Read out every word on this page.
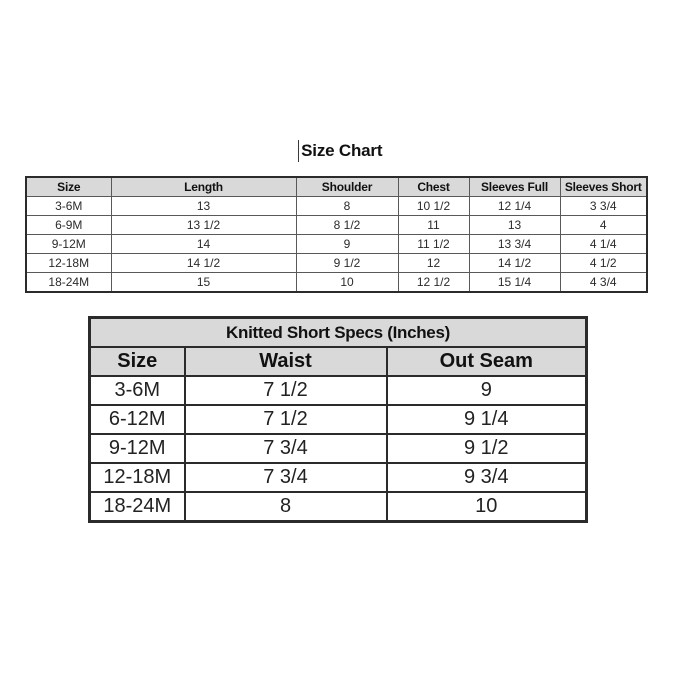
Size Chart
Size	Length	Shoulder	Chest	Sleeves Full	Sleeves Short
3-6M	13	8	10 1/2	12 1/4	3 3/4
6-9M	13 1/2	8 1/2	11	13	4
9-12M	14	9	11 1/2	13 3/4	4 1/4
12-18M	14 1/2	9 1/2	12	14 1/2	4 1/2
18-24M	15	10	12 1/2	15 1/4	4 3/4
Knitted Short Specs (Inches)		
Size	Waist	Out Seam
3-6M	7 1/2	9
6-12M	7 1/2	9 1/4
9-12M	7 3/4	9 1/2
12-18M	7 3/4	9 3/4
18-24M	8	10
